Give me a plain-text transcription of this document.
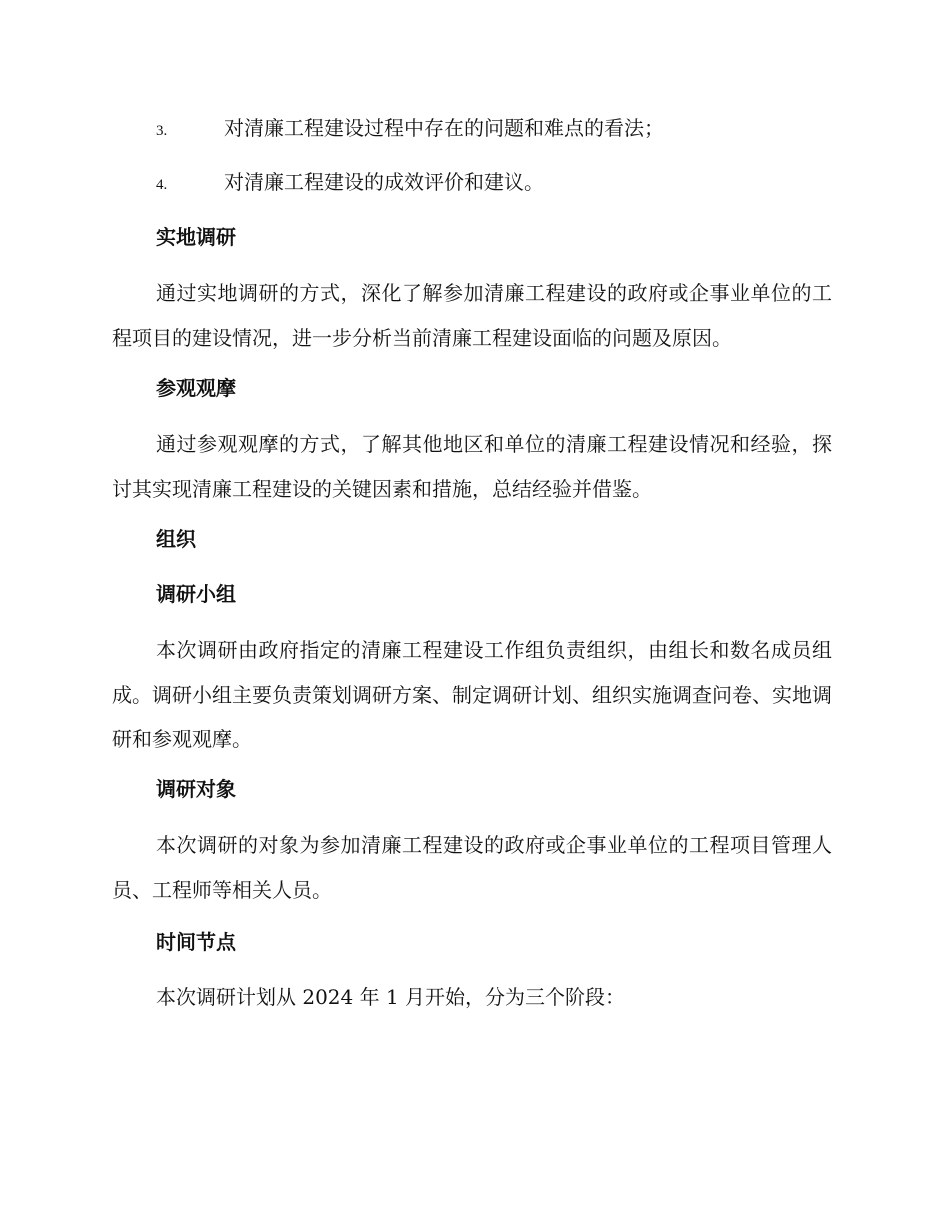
3.	对清廉工程建设过程中存在的问题和难点的看法；
4.	对清廉工程建设的成效评价和建议。
实地调研
通过实地调研的方式，深化了解参加清廉工程建设的政府或企事业单位的工程项目的建设情况，进一步分析当前清廉工程建设面临的问题及原因。
参观观摩
通过参观观摩的方式，了解其他地区和单位的清廉工程建设情况和经验，探讨其实现清廉工程建设的关键因素和措施，总结经验并借鉴。
组织
调研小组
本次调研由政府指定的清廉工程建设工作组负责组织，由组长和数名成员组成。调研小组主要负责策划调研方案、制定调研计划、组织实施调查问卷、实地调研和参观观摩。
调研对象
本次调研的对象为参加清廉工程建设的政府或企事业单位的工程项目管理人员、工程师等相关人员。
时间节点
本次调研计划从 2024 年 1 月开始，分为三个阶段：
